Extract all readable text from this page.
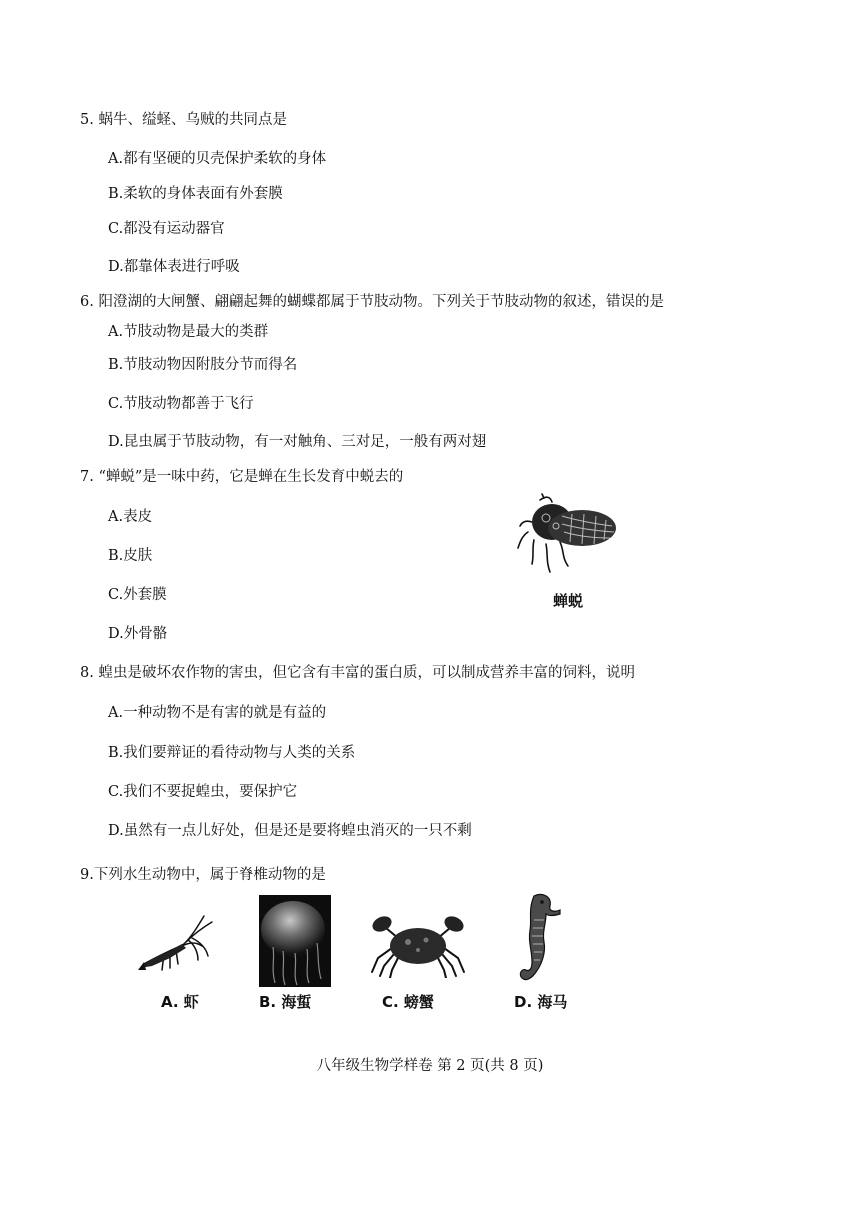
5. 蜗牛、缢蛏、乌贼的共同点是
A.都有坚硬的贝壳保护柔软的身体
B.柔软的身体表面有外套膜
C.都没有运动器官
D.都靠体表进行呼吸
6. 阳澄湖的大闸蟹、翩翩起舞的蝴蝶都属于节肢动物。下列关于节肢动物的叙述，错误的是
A.节肢动物是最大的类群
B.节肢动物因附肢分节而得名
C.节肢动物都善于飞行
D.昆虫属于节肢动物，有一对触角、三对足，一般有两对翅
7. “蝉蜕”是一味中药，它是蝉在生长发育中蜕去的
A.表皮
B.皮肤
C.外套膜
D.外骨骼
蝉蜕
8. 蝗虫是破坏农作物的害虫，但它含有丰富的蛋白质，可以制成营养丰富的饲料，说明
A.一种动物不是有害的就是有益的
B.我们要辩证的看待动物与人类的关系
C.我们不要捉蝗虫，要保护它
D.虽然有一点儿好处，但是还是要将蝗虫消灭的一只不剩
9.下列水生动物中，属于脊椎动物的是
A. 虾	B. 海蜇	C. 螃蟹	D. 海马
八年级生物学样卷 第 2 页(共 8 页)
